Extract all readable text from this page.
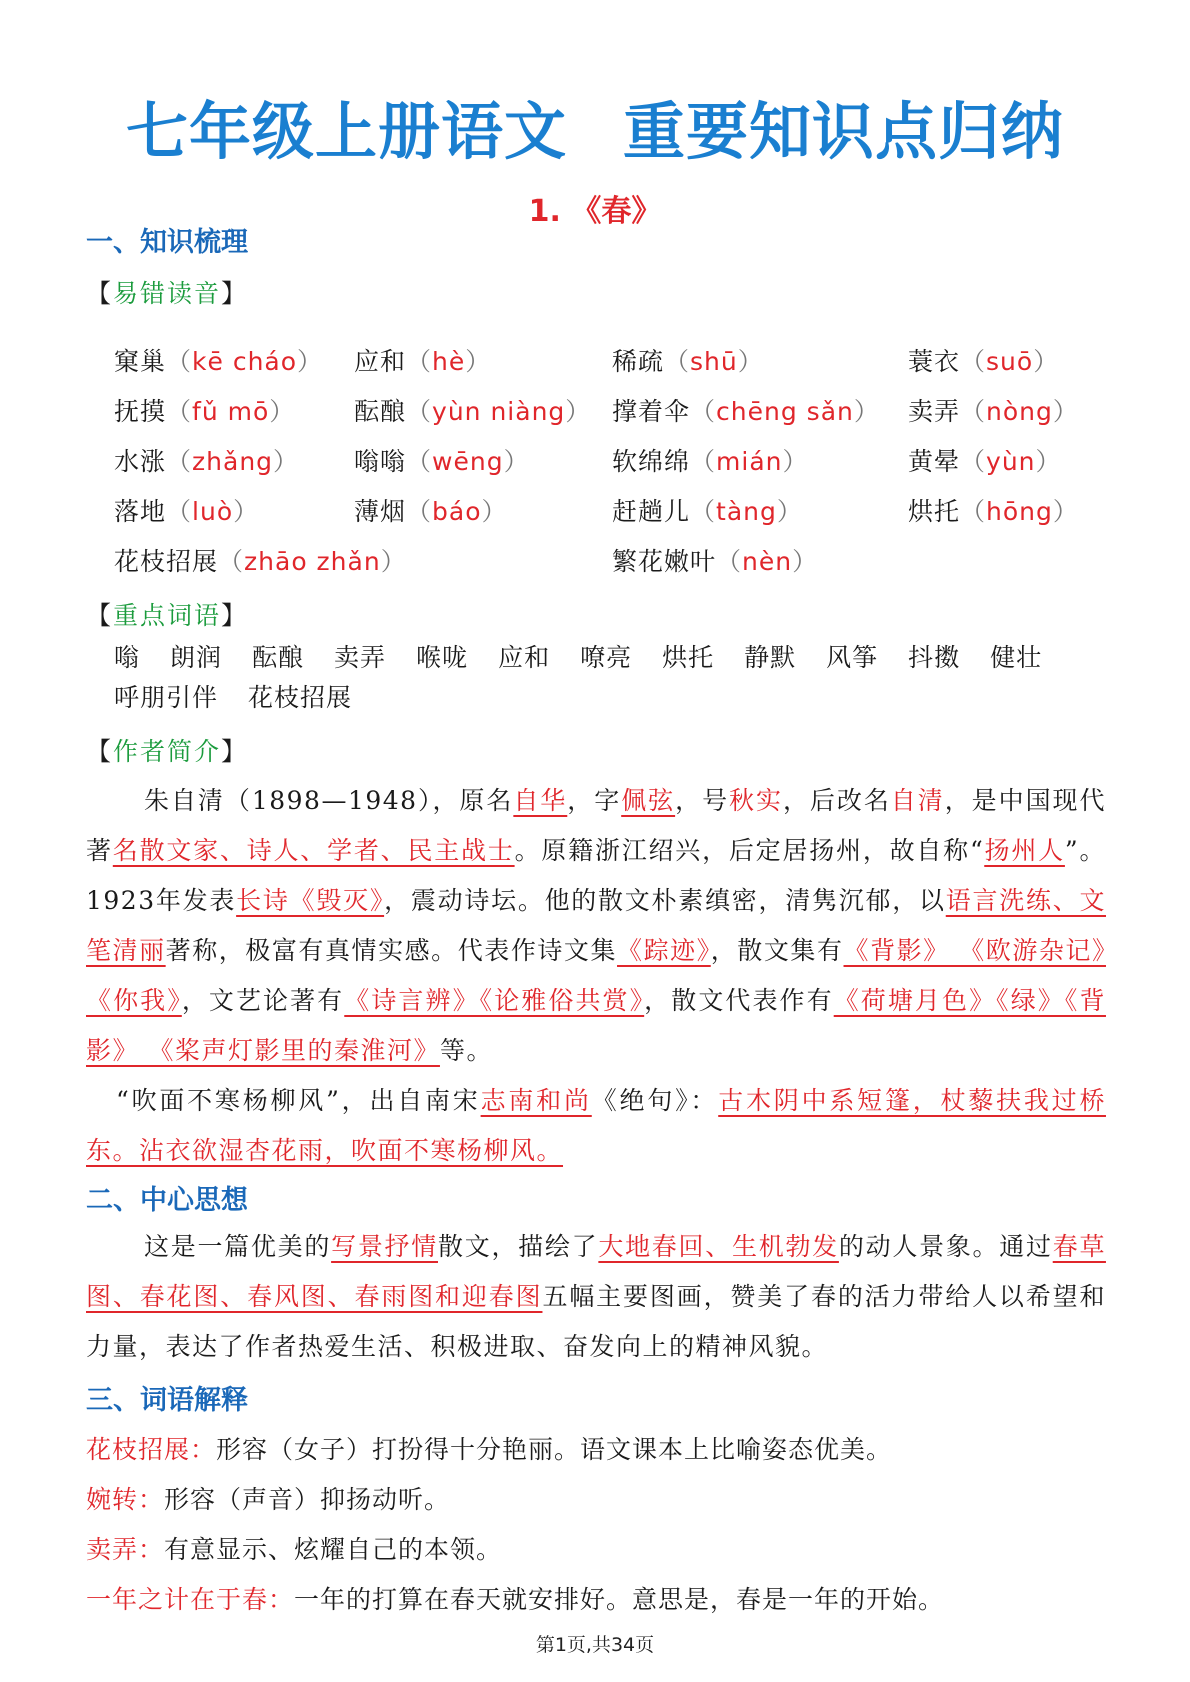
七年级上册语文 重要知识点归纳
1. 《春》
一、知识梳理
【易错读音】
窠巢（kē cháo） 应和（hè）	稀疏（shū）	蓑衣（suō）
抚摸（fǔ mō） 酝酿（yùn niàng） 撑着伞（chēng sǎn） 卖弄（nòng）
水涨（zhǎng） 嗡嗡（wēng）	软绵绵（mián）	黄晕（yùn）
落地（luò）	薄烟（báo）	赶趟儿（tàng）	烘托（hōng）
花枝招展（zhāo zhǎn）	繁花嫩叶（nèn）
【重点词语】
嗡 朗润 酝酿 卖弄 喉咙 应和 嘹亮 烘托 静默 风筝 抖擞 健壮
呼朋引伴 花枝招展
【作者简介】
朱自清（1898—1948），原名自华，字佩弦，号秋实，后改名自清，是中国现代著名散文家、诗人、学者、民主战士。原籍浙江绍兴，后定居扬州，故自称“扬州人”。1923年发表长诗《毁灭》，震动诗坛。他的散文朴素缜密，清隽沉郁，以语言洗练、文笔清丽著称，极富有真情实感。代表作诗文集《踪迹》，散文集有《背影》 《欧游杂记》《你我》，文艺论著有《诗言辨》《论雅俗共赏》，散文代表作有《荷塘月色》《绿》《背影》 《桨声灯影里的秦淮河》等。
“吹面不寒杨柳风”，出自南宋志南和尚《绝句》：古木阴中系短篷，杖藜扶我过桥东。沾衣欲湿杏花雨，吹面不寒杨柳风。
二、中心思想
这是一篇优美的写景抒情散文，描绘了大地春回、生机勃发的动人景象。通过春草图、春花图、春风图、春雨图和迎春图五幅主要图画，赞美了春的活力带给人以希望和力量，表达了作者热爱生活、积极进取、奋发向上的精神风貌。
三、词语解释
花枝招展：形容（女子）打扮得十分艳丽。语文课本上比喻姿态优美。
婉转：形容（声音）抑扬动听。
卖弄：有意显示、炫耀自己的本领。
一年之计在于春：一年的打算在春天就安排好。意思是，春是一年的开始。
第1页,共34页
